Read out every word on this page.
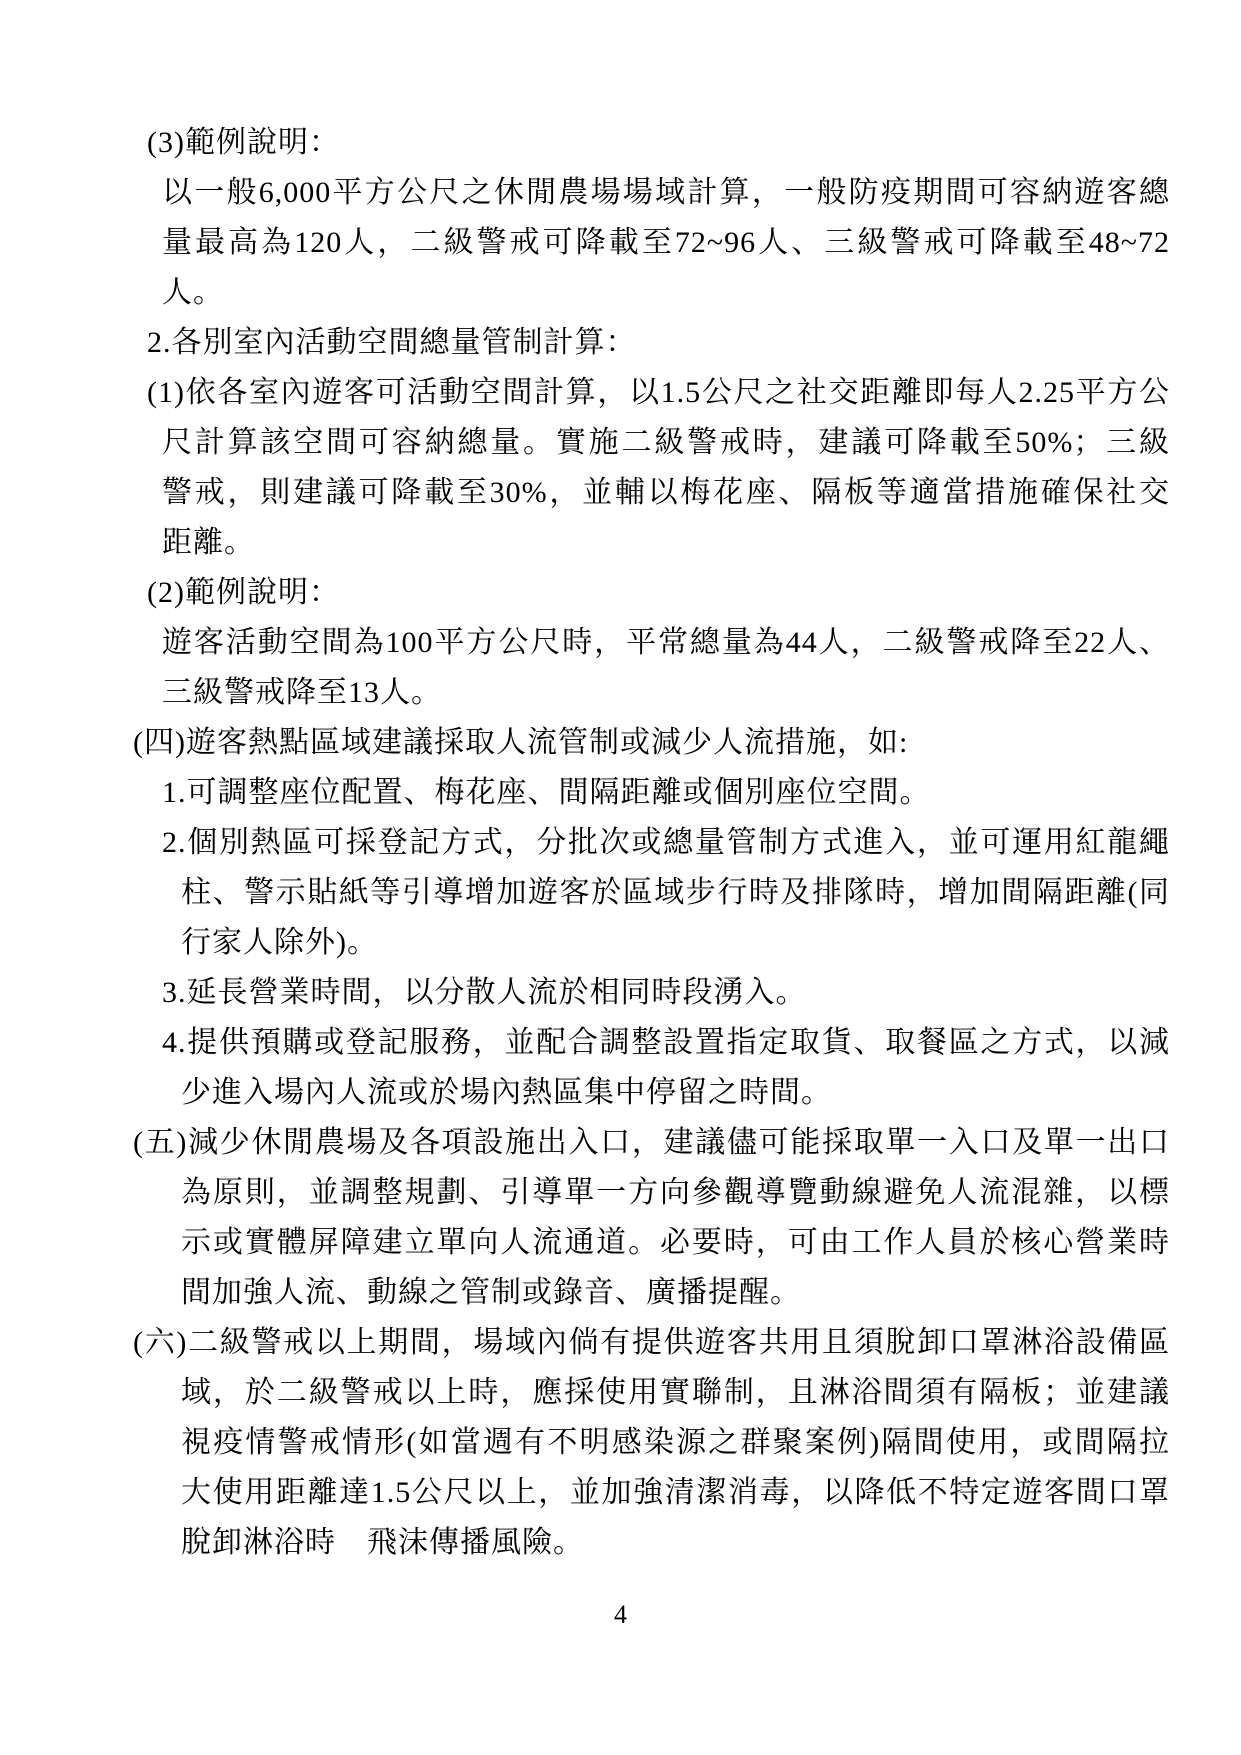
(3)範例說明：
以一般6,000平方公尺之休閒農場場域計算，一般防疫期間可容納遊客總
量最高為120人，二級警戒可降載至72~96人、三級警戒可降載至48~72
人。
2.各別室內活動空間總量管制計算：
(1)依各室內遊客可活動空間計算，以1.5公尺之社交距離即每人2.25平方公
尺計算該空間可容納總量。實施二級警戒時，建議可降載至50%；三級
警戒，則建議可降載至30%，並輔以梅花座、隔板等適當措施確保社交
距離。
(2)範例說明：
遊客活動空間為100平方公尺時，平常總量為44人，二級警戒降至22人、
三級警戒降至13人。
(四)遊客熱點區域建議採取人流管制或減少人流措施，如:
1.可調整座位配置、梅花座、間隔距離或個別座位空間。
2.個別熱區可採登記方式，分批次或總量管制方式進入，並可運用紅龍繩
柱、警示貼紙等引導增加遊客於區域步行時及排隊時，增加間隔距離(同
行家人除外)。
3.延長營業時間，以分散人流於相同時段湧入。
4.提供預購或登記服務，並配合調整設置指定取貨、取餐區之方式，以減
少進入場內人流或於場內熱區集中停留之時間。
(五)減少休閒農場及各項設施出入口，建議儘可能採取單一入口及單一出口
為原則，並調整規劃、引導單一方向參觀導覽動線避免人流混雜，以標
示或實體屏障建立單向人流通道。必要時，可由工作人員於核心營業時
間加強人流、動線之管制或錄音、廣播提醒。
(六)二級警戒以上期間，場域內倘有提供遊客共用且須脫卸口罩淋浴設備區
域，於二級警戒以上時，應採使用實聯制，且淋浴間須有隔板；並建議
視疫情警戒情形(如當週有不明感染源之群聚案例)隔間使用，或間隔拉
大使用距離達1.5公尺以上，並加強清潔消毒，以降低不特定遊客間口罩
脫卸淋浴時　飛沫傳播風險。
4
